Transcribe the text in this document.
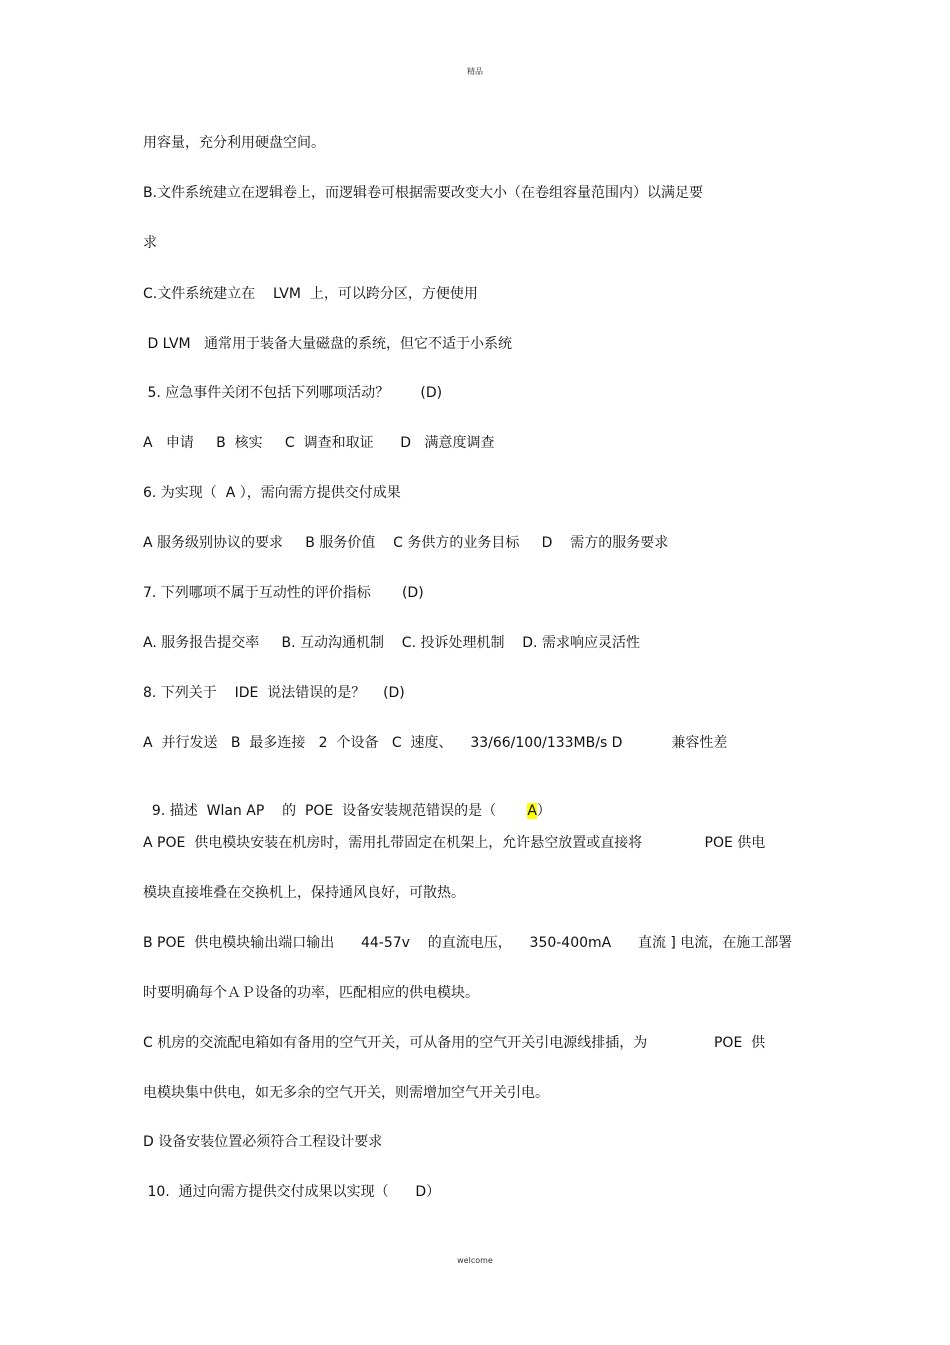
精品
用容量，充分利用硬盘空间。
B.文件系统建立在逻辑卷上，而逻辑卷可根据需要改变大小（在卷组容量范围内）以满足要
求
C.文件系统建立在    LVM  上，可以跨分区，方便使用
D LVM   通常用于装备大量磁盘的系统，但它不适于小系统
5. 应急事件关闭不包括下列哪项活动？       (D)
A   申请     B  核实     C  调查和取证      D   满意度调查
6. 为实现（  A ），需向需方提供交付成果
A 服务级别协议的要求     B 服务价值    C 务供方的业务目标     D    需方的服务要求
7. 下列哪项不属于互动性的评价指标       (D)
A. 服务报告提交率     B. 互动沟通机制    C. 投诉处理机制    D. 需求响应灵活性
8. 下列关于    IDE  说法错误的是？    (D)
A  并行发送   B  最多连接   2  个设备   C  速度、    33/66/100/133MB/s D           兼容性差

9. 描述  Wlan AP    的  POE  设备安装规范错误的是（       A）

A POE  供电模块安装在机房时，需用扎带固定在机架上，允许悬空放置或直接将              POE 供电
模块直接堆叠在交换机上，保持通风良好，可散热。
B POE  供电模块输出端口输出      44-57v    的直流电压，    350-400mA      直流 ] 电流，在施工部署
时要明确每个ＡＰ设备的功率，匹配相应的供电模块。
C 机房的交流配电箱如有备用的空气开关，可从备用的空气开关引电源线排插，为               POE  供
电模块集中供电，如无多余的空气开关，则需增加空气开关引电。
D 设备安装位置必须符合工程设计要求
10.  通过向需方提供交付成果以实现（      D）
welcome
